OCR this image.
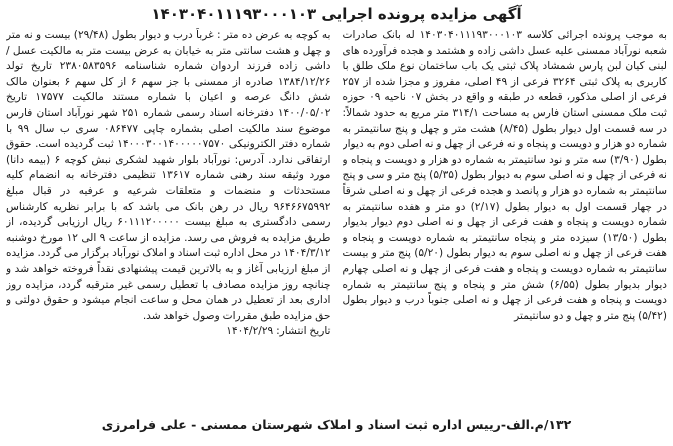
آگهی مزایده پرونده اجرایی ۱۴۰۳۰۴۰۱۱۱۹۳۰۰۰۱۰۳

به موجب پرونده اجرائی کلاسه ۱۴۰۳۰۴۰۱۱۱۹۳۰۰۰۱۰۳ له بانک صادرات شعبه نورآباد ممسنی علیه عسل داشی زاده و هشتمد و هجده فرآورده های لبنی کیان لبن پارس شمشاد پلاک ثبتی یک باب ساختمان نوع ملک طلق با کاربری به پلاک ثبتی ۳۲۶۴ فرعی از ۴۹ اصلی، مفروز و مجزا شده از ۲۵۷ فرعی از اصلی مذکور، قطعه در طبقه و واقع در بخش ۰۷ ناحیه ۰۹ حوزه ثبت ملک ممسنی استان فارس به مساحت ۳۱۴/۱ متر مربع به حدود شمالاً: در سه قسمت اول دیوار بطول (۸/۴۵) هشت متر و چهل و پنج سانتیمتر به شماره دو هزار و دویست و پنجاه و نه فرعی از چهل و نه اصلی دوم به دیوار بطول (۳/۹۰) سه متر و نود سانتیمتر به شماره دو هزار و دویست و پنجاه و نه فرعی از چهل و نه اصلی سوم به دیوار بطول (۵/۳۵) پنج متر و سی و پنج سانتیمتر به شماره دو هزار و پانصد و هجده فرعی از چهل و نه اصلی شرقاً در چهار قسمت اول به دیوار بطول (۲/۱۷) دو متر و هفده سانتیمتر به شماره دویست و پنجاه و هفت فرعی از چهل و نه اصلی دوم دیوار بدیوار بطول (۱۳/۵۰) سیزده متر و پنجاه سانتیمتر به شماره دویست و پنجاه و هفت فرعی از چهل و نه اصلی سوم به دیوار بطول (۵/۲۰) پنج متر و بیست سانتیمتر به شماره دویست و پنجاه و هفت فرعی از چهل و نه اصلی چهارم دیوار بدیوار بطول (۶/۵۵) شش متر و پنجاه و پنج سانتیمتر به شماره دویست و پنجاه و هفت فرعی از چهل و نه اصلی جنوباً درب و دیوار بطول (۵/۴۲) پنج متر و چهل و دو سانتیمتر

به کوچه به عرض ده متر : غرباً درب و دیوار بطول (۲۹/۴۸) بیست و نه متر و چهل و هشت سانتی متر به خیابان به عرض بیست متر به مالکیت عسل / داشی زاده فرزند اردوان شماره شناسنامه ۲۳۸۰۵۸۳۵۹۶ تاریخ تولد ۱۳۸۴/۱۲/۲۶ صادره از ممسنی با جز سهم ۶ از کل سهم ۶ بعنوان مالک شش دانگ عرصه و اعیان با شماره مستند مالکیت ۱۷۵۷۷ تاریخ ۱۴۰۰/۰۵/۰۲ دفترخانه اسناد رسمی شماره ۲۵۱ شهر نورآباد استان فارس موضوع سند مالکیت اصلی بشماره چاپی ۰۸۶۴۷۷ سری ب سال ۹۹ با شماره دفتر الکترونیکی ۱۴۰۰۰۳۰۰۱۴۰۰۰۰۰۷۵۷۰ ثبت گردیده است. حقوق ارتفاقی ندارد. آدرس: نورآباد بلوار شهید لشکری نبش کوچه ۶ (بیمه دانا) مورد وثیقه سند رهنی شماره ۱۳۶۱۷ تنظیمی دفترخانه به انضمام کلیه مستحدثات و منضمات و متعلقات شرعیه و عرفیه در قبال مبلغ ۹۶۴۶۶۷۵۹۹۲ ریال در رهن بانک می باشد که با برابر نظریه کارشناس رسمی دادگستری به مبلغ بیست ۶۰۱۱۱۲۰۰۰۰۰ ریال ارزیابی گردیده، از طریق مزایده به فروش می رسد. مزایده از ساعت ۹ الی ۱۲ مورخ دوشنبه ۱۴۰۴/۳/۱۲ در محل اداره ثبت اسناد و املاک نورآباد برگزار می گردد. مزایده از مبلغ ارزیابی آغاز و به بالاترین قیمت پیشنهادی نقداً فروخته خواهد شد و چنانچه روز مزایده مصادف با تعطیل رسمی غیر مترقبه گردد، مزایده روز اداری بعد از تعطیل در همان محل و ساعت انجام میشود و حقوق دولتی و حق مزایده طبق مقررات وصول خواهد شد.

تاریخ انتشار: ۱۴۰۴/۲/۲۹
۱۳۲/م.الف-رییس اداره ثبت اسناد و املاک شهرستان ممسنی - علی فرامرزی
